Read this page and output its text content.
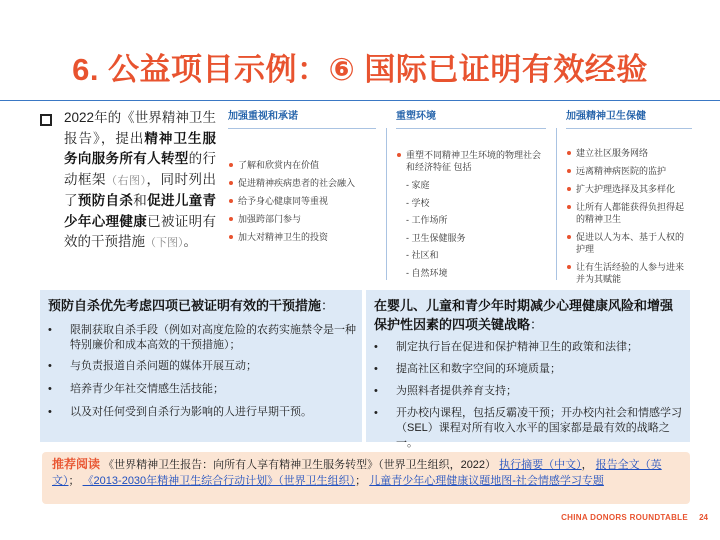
6. 公益项目示例：⑥ 国际已证明有效经验
2022年的《世界精神卫生报告》，提出精神卫生服务向服务所有人转型的行动框架（右图），同时列出了预防自杀和促进儿童青少年心理健康已被证明有效的干预措施（下图）。
加强重视和承诺
了解和欣赏内在价值
促进精神疾病患者的社会融入
给予身心健康同等重视
加强跨部门参与
加大对精神卫生的投资
重塑环境
重塑不同精神卫生环境的物理社会和经济特征 包括
- 家庭
- 学校
- 工作场所
- 卫生保健服务
- 社区和
- 自然环境
加强精神卫生保健
建立社区服务网络
远离精神病医院的监护
扩大护理选择及其多样化
让所有人都能获得负担得起的精神卫生
促进以人为本、基于人权的护理
让有生活经验的人参与进来并为其赋能
预防自杀优先考虑四项已被证明有效的干预措施：
• 限制获取自杀手段（例如对高度危险的农药实施禁令是一种特别廉价和成本高效的干预措施）；
• 与负责报道自杀问题的媒体开展互动；
• 培养青少年社交情感生活技能；
• 以及对任何受到自杀行为影响的人进行早期干预。
在婴儿、儿童和青少年时期减少心理健康风险和增强保护性因素的四项关键战略：
• 制定执行旨在促进和保护精神卫生的政策和法律；
• 提高社区和数字空间的环境质量；
• 为照料者提供养育支持；
• 开办校内课程，包括反霸凌干预；开办校内社会和情感学习（SEL）课程对所有收入水平的国家都是最有效的战略之一。
推荐阅读 《世界精神卫生报告：向所有人享有精神卫生服务转型》（世界卫生组织，2022） 执行摘要（中文）， 报告全文（英文）； 《2013-2030年精神卫生综合行动计划》（世界卫生组织）； 儿童青少年心理健康议题地图-社会情感学习专题
CHINA DONORS ROUNDTABLE 24
